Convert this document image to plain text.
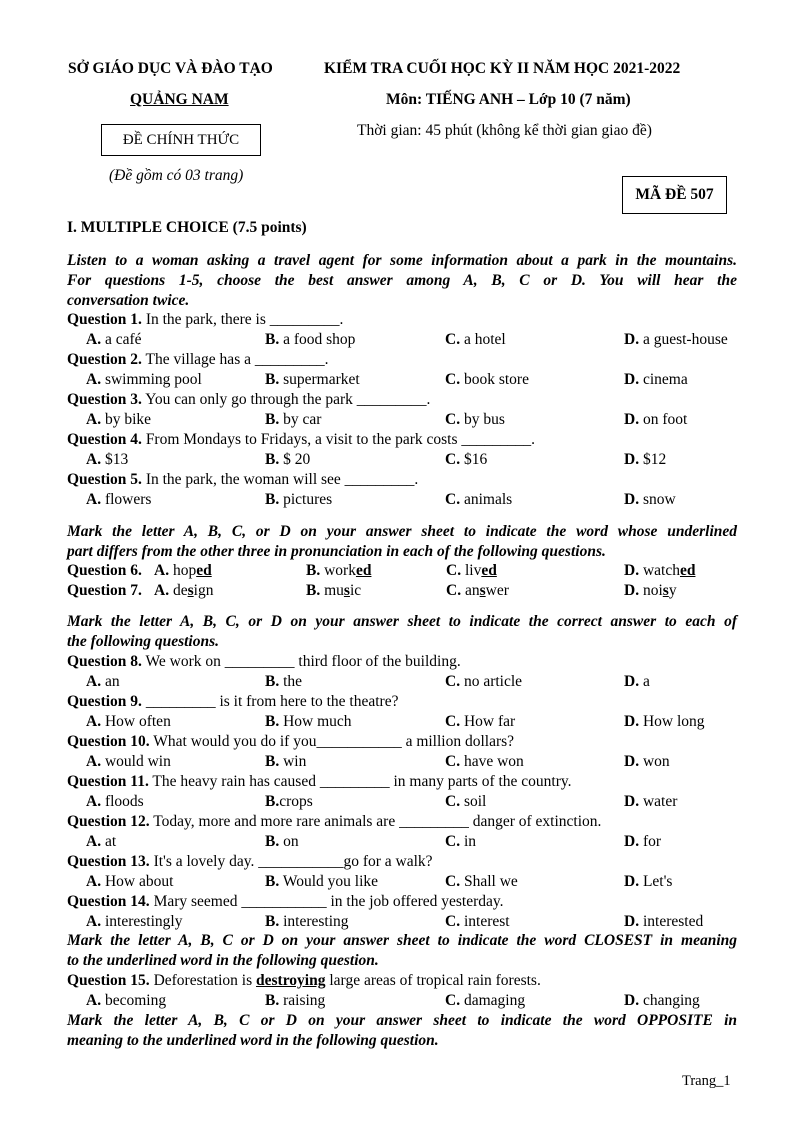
SỞ GIÁO DỤC VÀ ĐÀO TẠO
QUẢNG NAM
ĐỀ CHÍNH THỨC
(Đề gồm có 03 trang)
KIỂM TRA CUỐI HỌC KỲ II NĂM HỌC 2021-2022
Môn: TIẾNG ANH – Lớp 10 (7 năm)
Thời gian: 45 phút (không kể thời gian giao đề)
MÃ ĐỀ 507
I. MULTIPLE CHOICE (7.5 points)
Listen to a woman asking a travel agent for some information about a park in the mountains.
For questions 1-5, choose the best answer among A, B, C or D. You will hear the
conversation twice.
Question 1. In the park, there is _________.
A. a café	B. a food shop	C. a hotel	D. a guest-house
Question 2. The village has a _________.
A. swimming pool	B. supermarket	C. book store	D. cinema
Question 3. You can only go through the park _________.
A. by bike	B. by car	C. by bus	D. on foot
Question 4. From Mondays to Fridays, a visit to the park costs _________.
A. $13	B. $ 20	C. $16	D. $12
Question 5. In the park, the woman will see _________.
A. flowers	B. pictures	C. animals	D. snow
Mark the letter A, B, C, or D on your answer sheet to indicate the word whose underlined
part differs from the other three in pronunciation in each of the following questions.
Question 6. A. hoped	B. worked	C. lived	D. watched
Question 7. A. design	B. music	C. answer	D. noisy
Mark the letter A, B, C, or D on your answer sheet to indicate the correct answer to each of
the following questions.
Question 8. We work on _________ third floor of the building.
A. an	B. the	C. no article	D. a
Question 9. _________ is it from here to the theatre?
A. How often	B. How much	C. How far	D. How long
Question 10. What would you do if you___________ a million dollars?
A. would win	B. win	C. have won	D. won
Question 11. The heavy rain has caused _________ in many parts of the country.
A. floods	B.crops	C. soil	D. water
Question 12. Today, more and more rare animals are _________ danger of extinction.
A. at	B. on	C. in	D. for
Question 13. It's a lovely day. ___________go for a walk?
A. How about	B. Would you like	C. Shall we	D. Let's
Question 14. Mary seemed ___________ in the job offered yesterday.
A. interestingly	B. interesting	C. interest	D. interested
Mark the letter A, B, C or D on your answer sheet to indicate the word CLOSEST in meaning
to the underlined word in the following question.
Question 15. Deforestation is destroying large areas of tropical rain forests.
A. becoming	B. raising	C. damaging	D. changing
Mark the letter A, B, C or D on your answer sheet to indicate the word OPPOSITE in
meaning to the underlined word in the following question.
Trang_1
